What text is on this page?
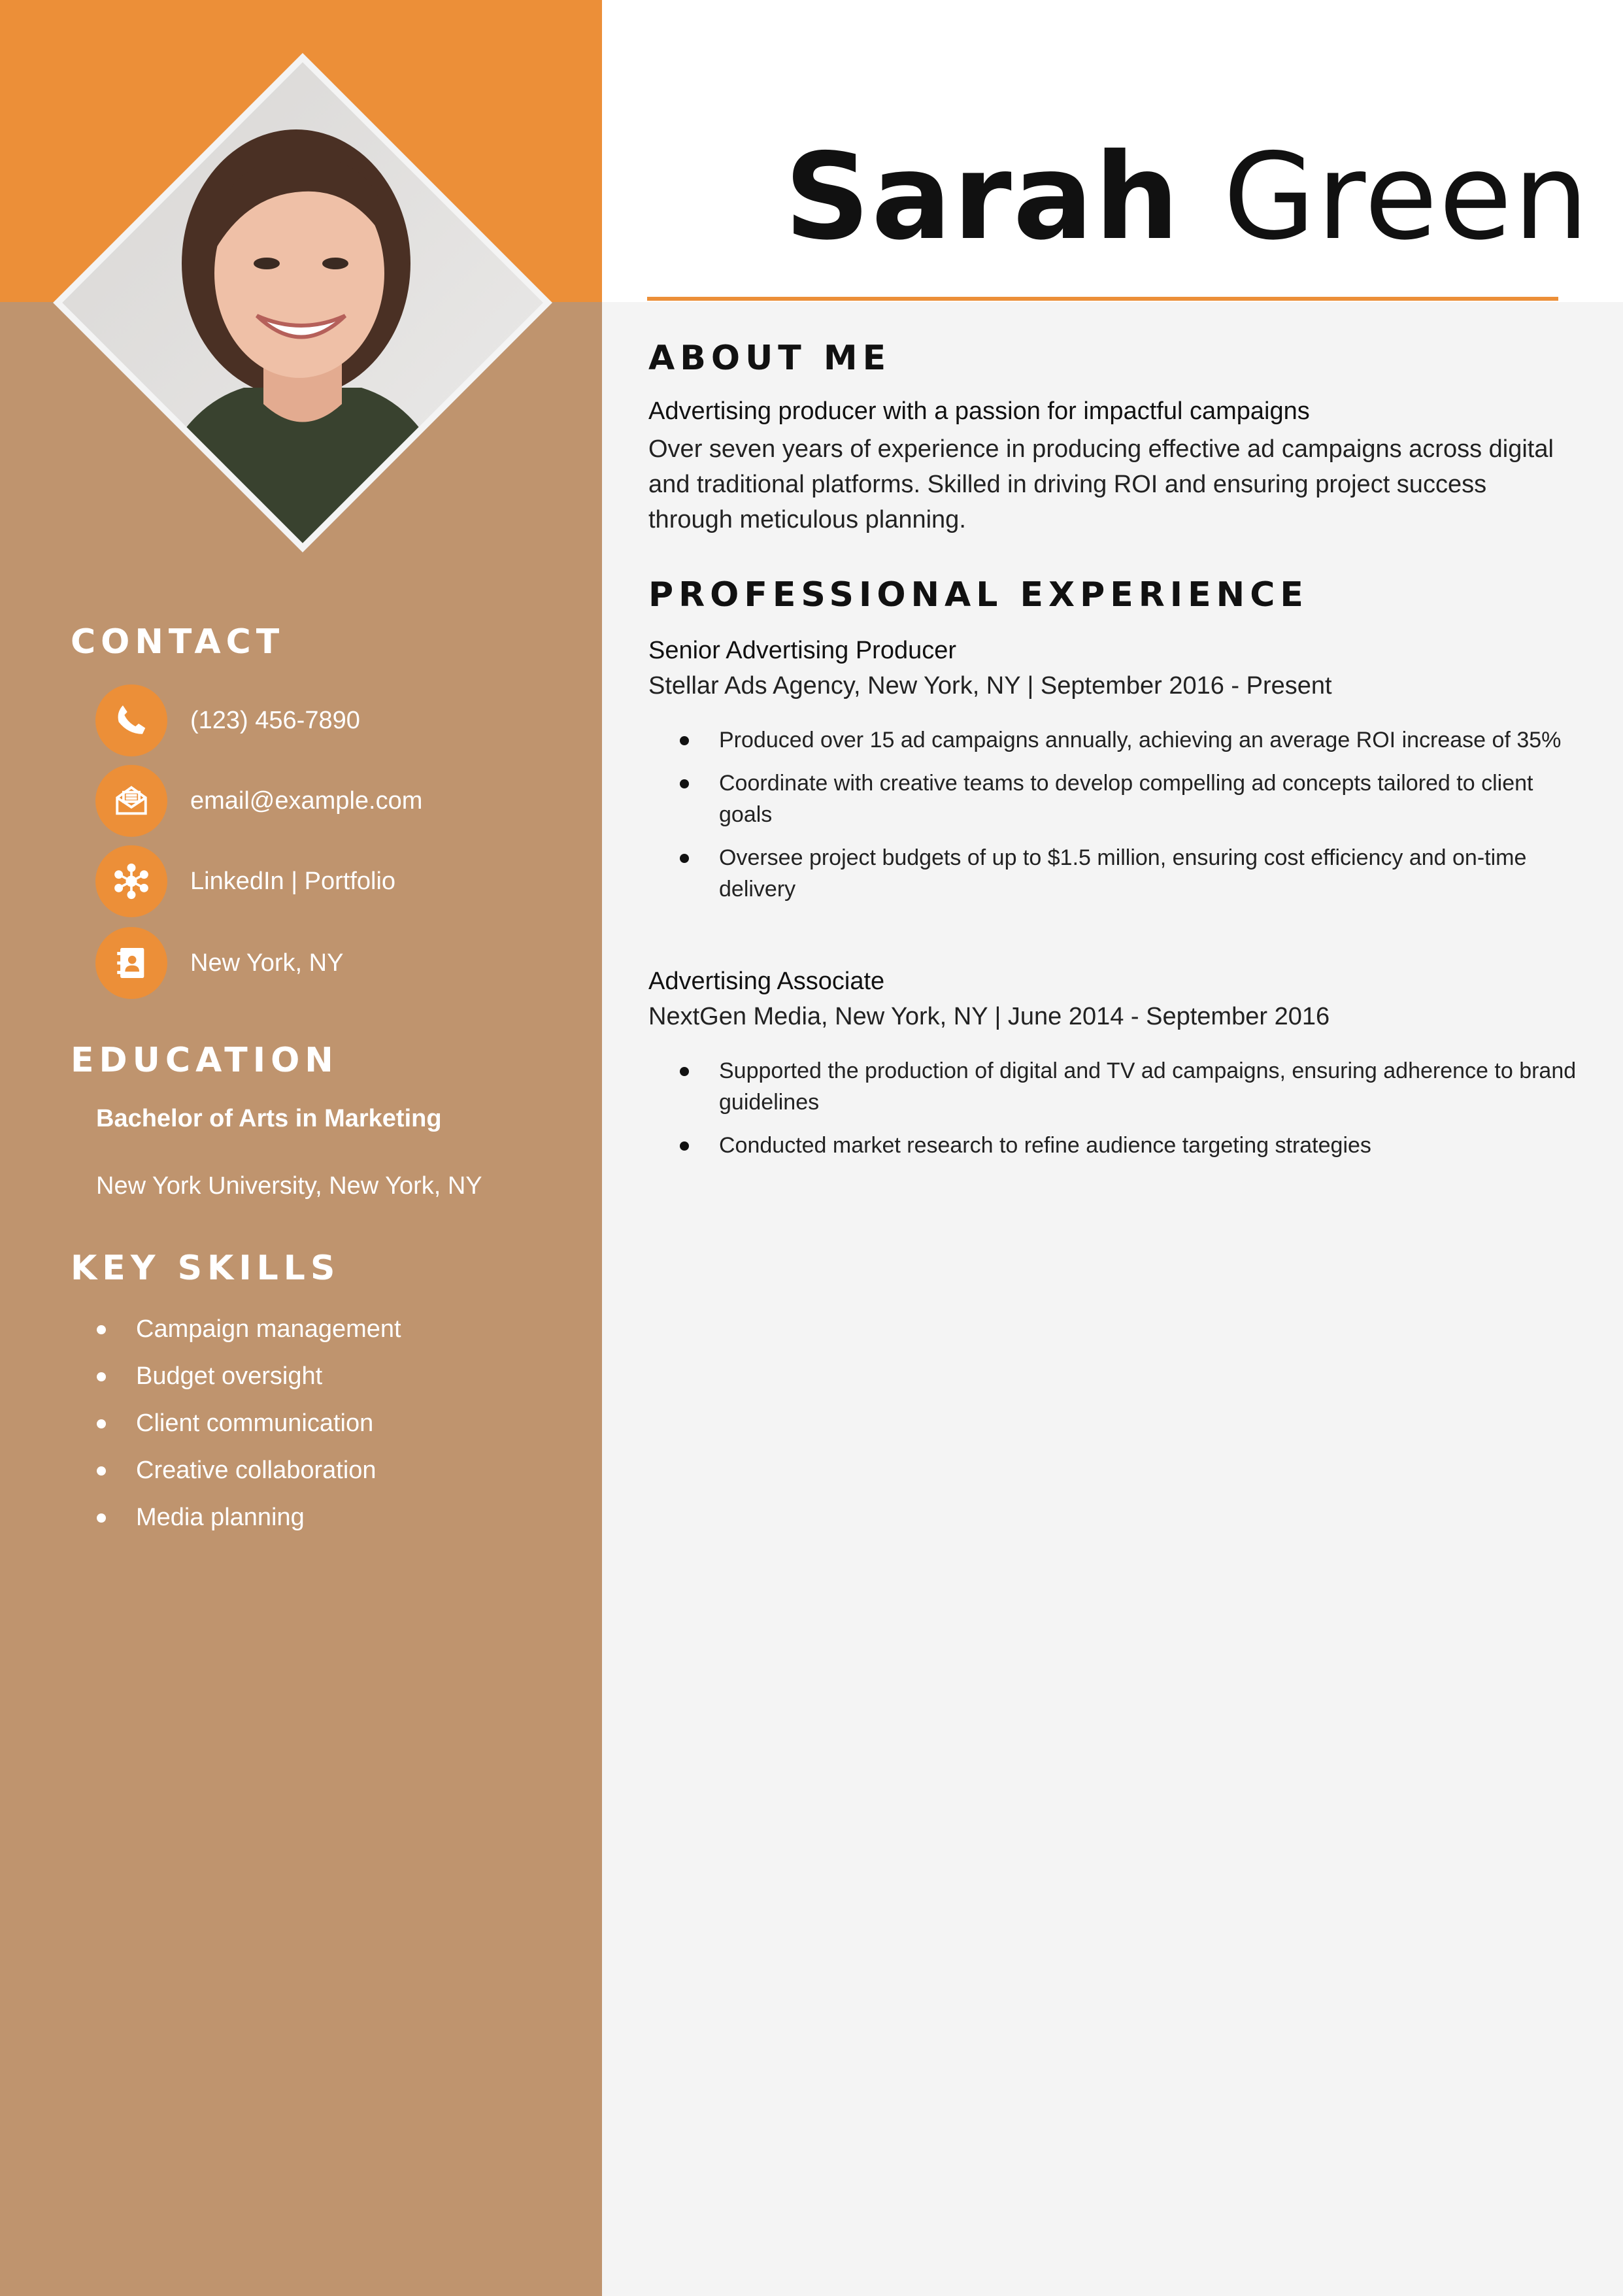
CONTACT
(123) 456-7890
email@example.com
LinkedIn | Portfolio
New York, NY
EDUCATION

Bachelor of Arts in Marketing

New York University, New York, NY

KEY SKILLS
Campaign management
Budget oversight
Client communication
Creative collaboration
Media planning
Sarah Green
ABOUT ME

Advertising producer with a passion for impactful campaigns

Over seven years of experience in producing effective ad campaigns across digital and traditional platforms. Skilled in driving ROI and ensuring project success through meticulous planning.

PROFESSIONAL EXPERIENCE

Senior Advertising Producer

Stellar Ads Agency, New York, NY | September 2016 - Present

Produced over 15 ad campaigns annually, achieving an average ROI increase of 35%
Coordinate with creative teams to develop compelling ad concepts tailored to client goals
Oversee project budgets of up to $1.5 million, ensuring cost efficiency and on-time delivery

Advertising Associate

NextGen Media, New York, NY | June 2014 - September 2016

Supported the production of digital and TV ad campaigns, ensuring adherence to brand guidelines
Conducted market research to refine audience targeting strategies
